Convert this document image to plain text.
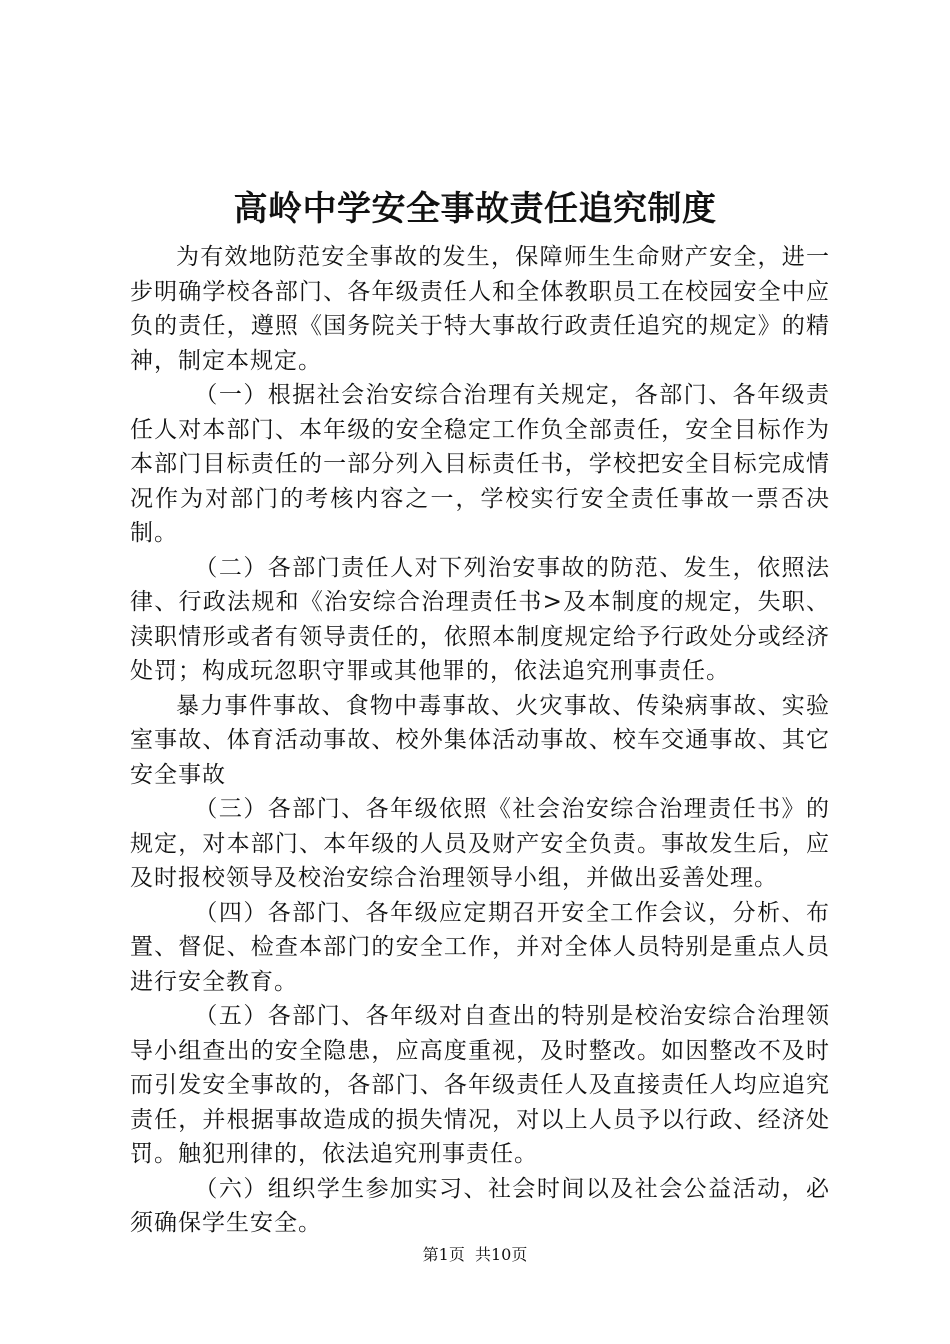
高岭中学安全事故责任追究制度

为有效地防范安全事故的发生，保障师生生命财产安全，进一步明确学校各部门、各年级责任人和全体教职员工在校园安全中应负的责任，遵照《国务院关于特大事故行政责任追究的规定》的精神，制定本规定。

（一）根据社会治安综合治理有关规定，各部门、各年级责任人对本部门、本年级的安全稳定工作负全部责任，安全目标作为本部门目标责任的一部分列入目标责任书，学校把安全目标完成情况作为对部门的考核内容之一，学校实行安全责任事故一票否决制。

（二）各部门责任人对下列治安事故的防范、发生，依照法律、行政法规和《治安综合治理责任书>及本制度的规定，失职、渎职情形或者有领导责任的，依照本制度规定给予行政处分或经济处罚；构成玩忽职守罪或其他罪的，依法追究刑事责任。

暴力事件事故、食物中毒事故、火灾事故、传染病事故、实验室事故、体育活动事故、校外集体活动事故、校车交通事故、其它安全事故

（三）各部门、各年级依照《社会治安综合治理责任书》的规定，对本部门、本年级的人员及财产安全负责。事故发生后，应及时报校领导及校治安综合治理领导小组，并做出妥善处理。

（四）各部门、各年级应定期召开安全工作会议，分析、布置、督促、检查本部门的安全工作，并对全体人员特别是重点人员进行安全教育。

（五）各部门、各年级对自查出的特别是校治安综合治理领导小组查出的安全隐患，应高度重视，及时整改。如因整改不及时而引发安全事故的，各部门、各年级责任人及直接责任人均应追究责任，并根据事故造成的损失情况，对以上人员予以行政、经济处罚。触犯刑律的，依法追究刑事责任。

（六）组织学生参加实习、社会时间以及社会公益活动，必须确保学生安全。

第1页  共10页
